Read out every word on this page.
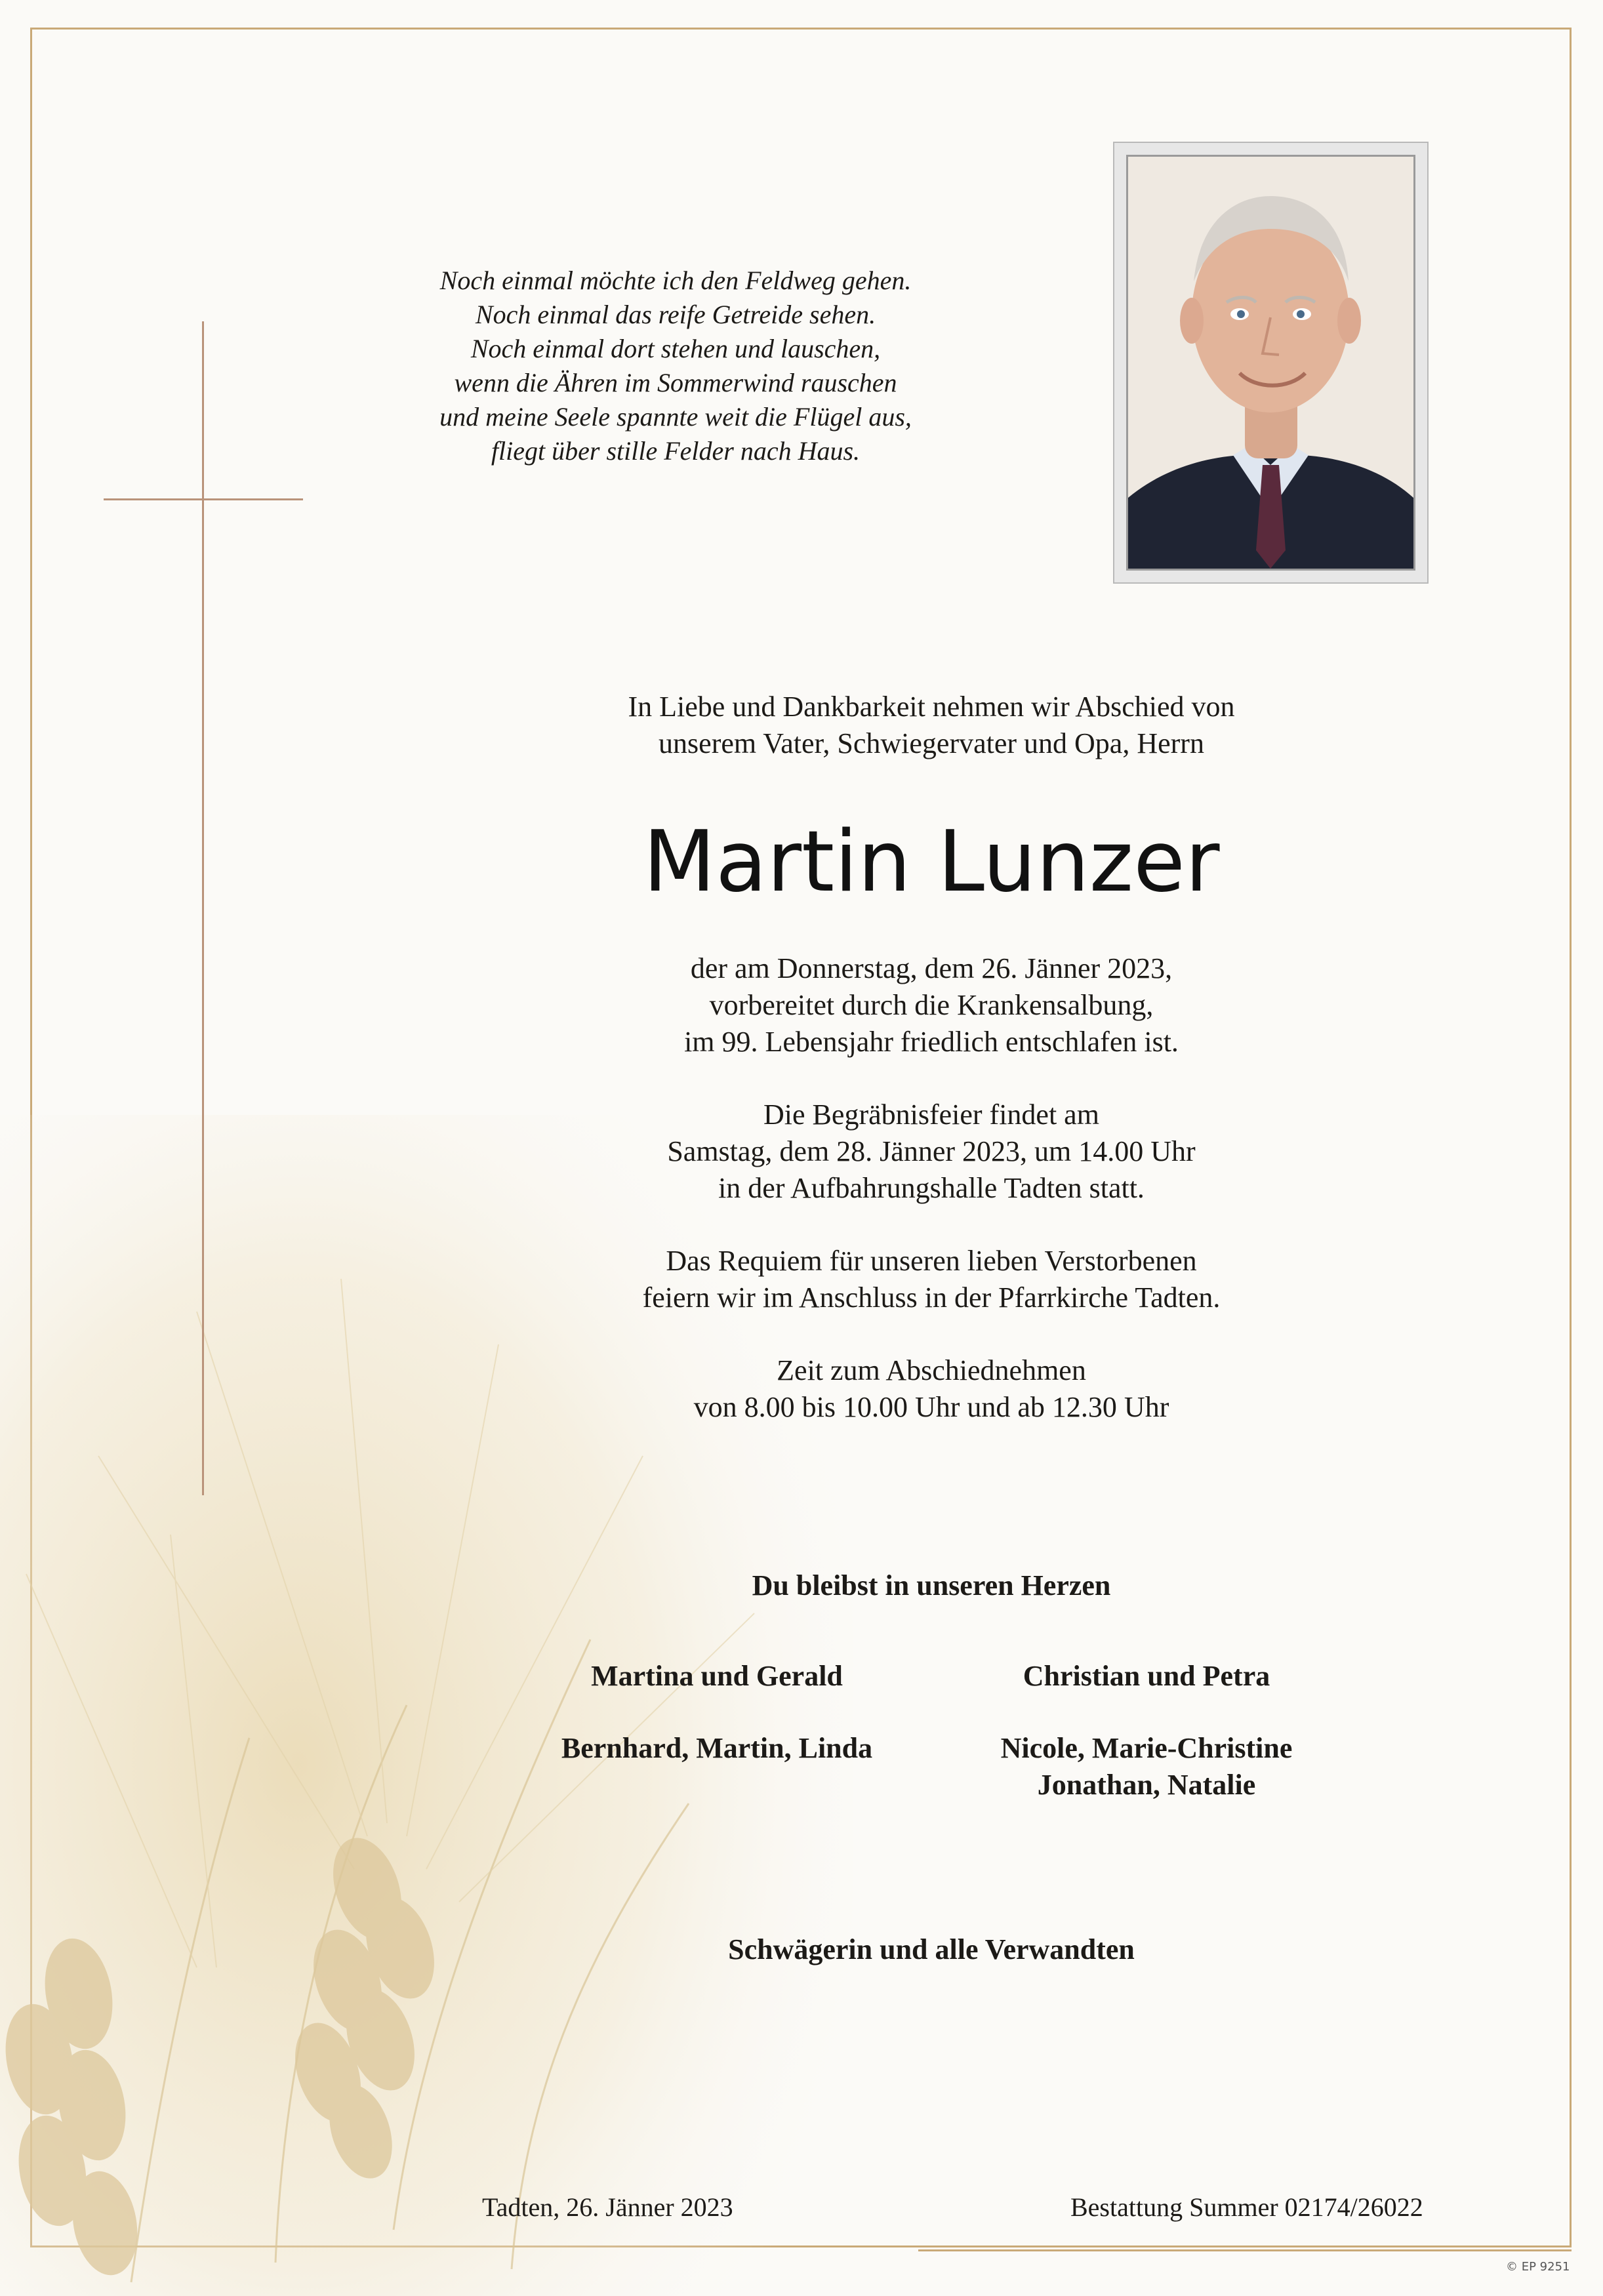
Noch einmal möchte ich den Feldweg gehen.
Noch einmal das reife Getreide sehen.
Noch einmal dort stehen und lauschen,
wenn die Ähren im Sommerwind rauschen
und meine Seele spannte weit die Flügel aus,
fliegt über stille Felder nach Haus.
In Liebe und Dankbarkeit nehmen wir Abschied von
unserem Vater, Schwiegervater und Opa, Herrn
Martin Lunzer
der am Donnerstag, dem 26. Jänner 2023,
vorbereitet durch die Krankensalbung,
im 99. Lebensjahr friedlich entschlafen ist.
Die Begräbnisfeier findet am
Samstag, dem 28. Jänner 2023, um 14.00 Uhr
in der Aufbahrungshalle Tadten statt.
Das Requiem für unseren lieben Verstorbenen
feiern wir im Anschluss in der Pfarrkirche Tadten.
Zeit zum Abschiednehmen
von 8.00 bis 10.00 Uhr und ab 12.30 Uhr
Du bleibst in unseren Herzen
Martina und Gerald	Christian und Petra
Bernhard, Martin, Linda	Nicole, Marie-Christine
Jonathan, Natalie
Schwägerin und alle Verwandten
Tadten, 26. Jänner 2023	Bestattung Summer 02174/26022
© EP 9251
